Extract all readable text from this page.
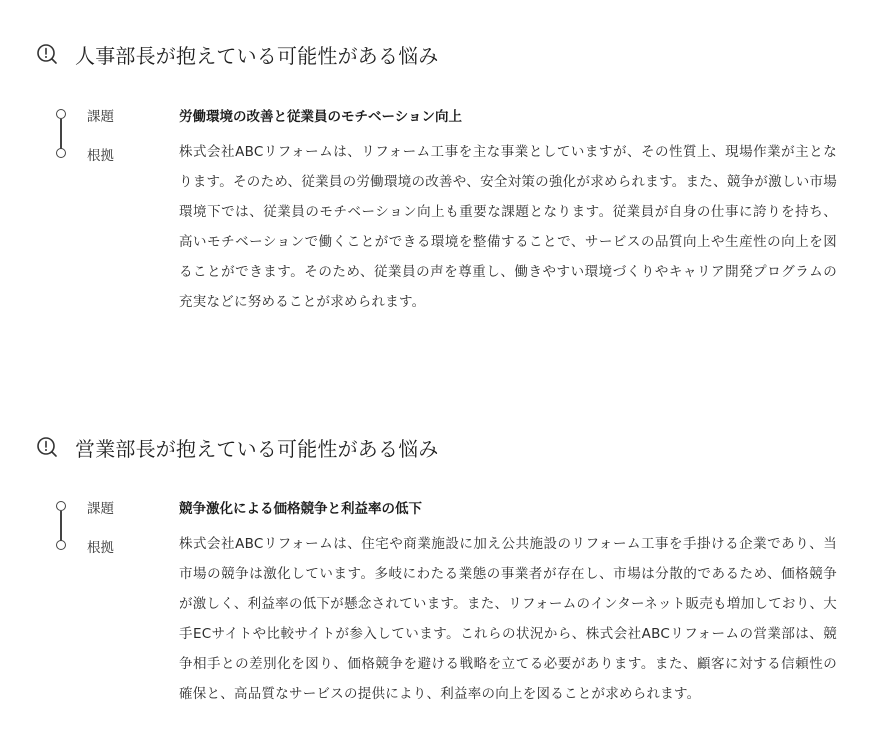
人事部長が抱えている可能性がある悩み
課題	労働環境の改善と従業員のモチベーション向上
根拠	株式会社ABCリフォームは、リフォーム工事を主な事業としていますが、その性質上、現場作業が主となります。そのため、従業員の労働環境の改善や、安全対策の強化が求められます。また、競争が激しい市場環境下では、従業員のモチベーション向上も重要な課題となります。従業員が自身の仕事に誇りを持ち、高いモチベーションで働くことができる環境を整備することで、サービスの品質向上や生産性の向上を図ることができます。そのため、従業員の声を尊重し、働きやすい環境づくりやキャリア開発プログラムの充実などに努めることが求められます。
営業部長が抱えている可能性がある悩み
課題	競争激化による価格競争と利益率の低下
根拠	株式会社ABCリフォームは、住宅や商業施設に加え公共施設のリフォーム工事を手掛ける企業であり、当市場の競争は激化しています。多岐にわたる業態の事業者が存在し、市場は分散的であるため、価格競争が激しく、利益率の低下が懸念されています。また、リフォームのインターネット販売も増加しており、大手ECサイトや比較サイトが参入しています。これらの状況から、株式会社ABCリフォームの営業部は、競争相手との差別化を図り、価格競争を避ける戦略を立てる必要があります。また、顧客に対する信頼性の確保と、高品質なサービスの提供により、利益率の向上を図ることが求められます。
